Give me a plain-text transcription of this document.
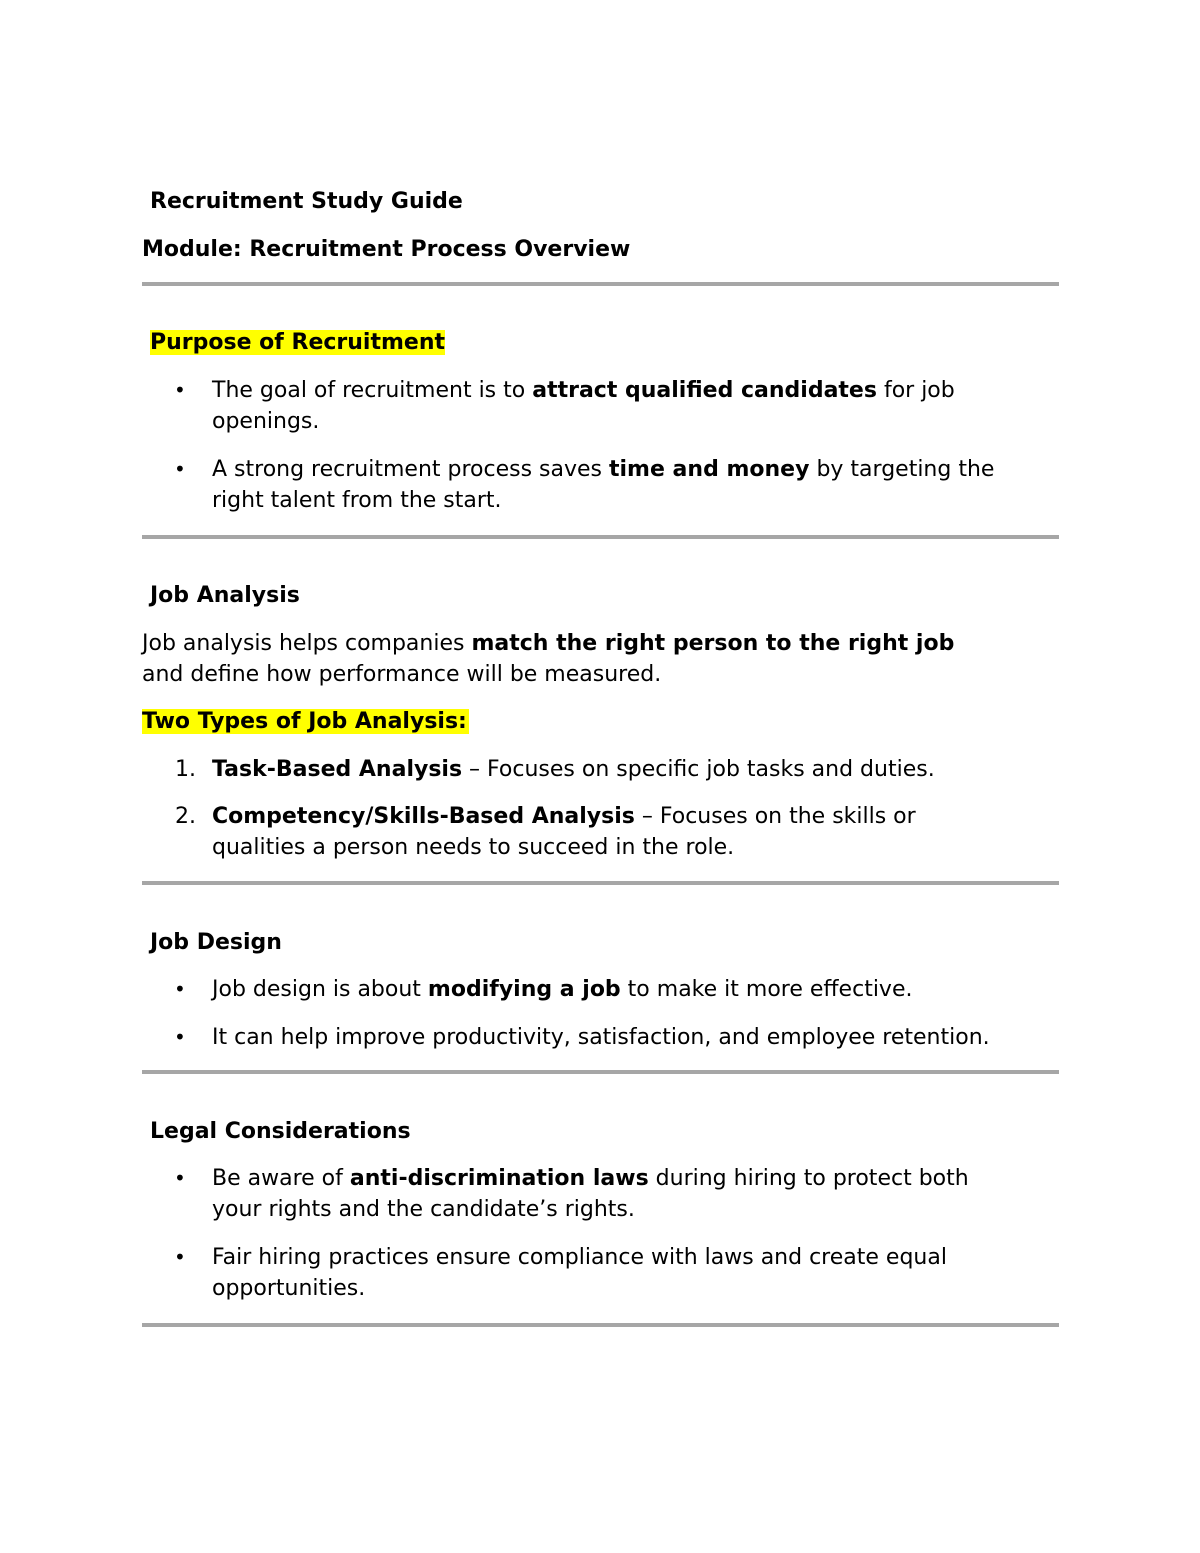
Recruitment Study Guide
Module: Recruitment Process Overview
Purpose of Recruitment
• The goal of recruitment is to attract qualified candidates for job
openings.
• A strong recruitment process saves time and money by targeting the
right talent from the start.
Job Analysis
Job analysis helps companies match the right person to the right job
and define how performance will be measured.
Two Types of Job Analysis:
1. Task-Based Analysis – Focuses on specific job tasks and duties.
2. Competency/Skills-Based Analysis – Focuses on the skills or
qualities a person needs to succeed in the role.
Job Design
• Job design is about modifying a job to make it more effective.
• It can help improve productivity, satisfaction, and employee retention.
Legal Considerations
• Be aware of anti-discrimination laws during hiring to protect both
your rights and the candidate’s rights.
• Fair hiring practices ensure compliance with laws and create equal
opportunities.
